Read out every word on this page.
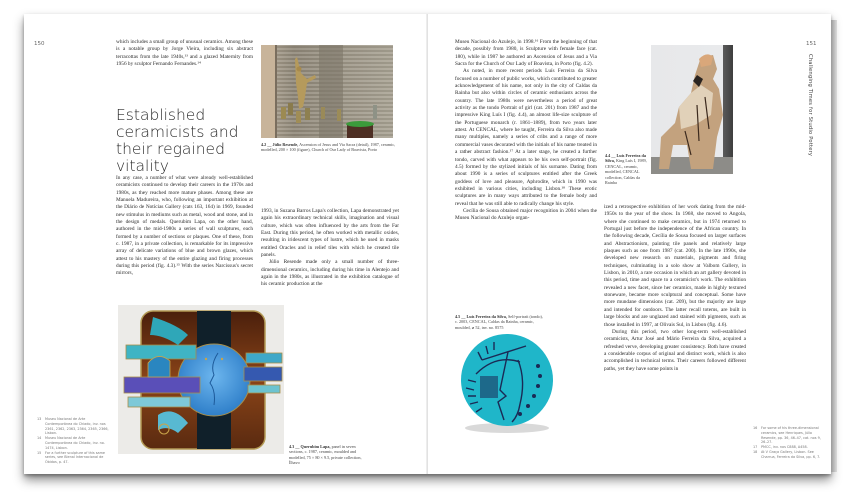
150	which includes a small group of unusual ceramics. Among these is a notable group by Jorge Vieira, including six abstract terracottas from the late 1940s,¹³ and a glazed Maternity from 1956 by sculptor Fernando Fernandes.¹⁴

Established ceramicists and their regained vitality

In any case, a number of what were already well-established ceramicists continued to develop their careers in the 1970s and 1980s, as they reached more mature phases. Among these are Manuela Madureira, who, following an important exhibition at the Diário de Notícias Gallery (cats 163, 164) in 1969, founded new stimulus in mediums such as metal, wood and stone, and in the design of medals. Querubim Lapa, on the other hand, authored in the mid-1980s a series of wall sculptures, each formed by a number of sections or plaques. One of these, from c. 1987, in a private collection, is remarkable for its impressive array of delicate variations of blue and brown glazes, which attest to his mastery of the entire glazing and firing processes during this period (fig. 4.3).¹⁵ With the series Narcissus's secret mirrors,

4.2 __ Júlio Resende, Ascension of Jesus and Via Sacra (detail), 1987, ceramic, modelled, 200 × 100 (figure), Church of Our Lady of Boavista, Porto

1993, in Suzana Barros Lapa's collection, Lapa demonstrated yet again his extraordinary technical skills, imagination and visual culture, which was often influenced by the arts from the Far East. During this period, he often worked with metallic oxides, resulting in iridescent types of lustre, which he used in masks entitled Oracles and in relief tiles with which he created tile panels.

Júlio Resende made only a small number of three-dimensional ceramics, including during his time in Alentejo and again in the 1980s, as illustrated in the exhibition catalogue of his ceramic production at the

4.3 __ Querubim Lapa, panel in seven sections, c. 1987, ceramic, moulded and modelled, 75 × 80 × 9.5, private collection, Ílhavo
13	Museu Nacional de Arte Contemporânea do Chiado, inv. nos 2361, 2362, 2363, 2364, 2365, 2366, Lisbon.
14	Museu Nacional de Arte Contemporânea do Chiado, inv. no. 1474, Lisbon.
15	For a further sculpture of this same series, see Bienal Internacional de Óbidos, p. 47.
151
Challenging Times for Studio Pottery

Museu Nacional do Azulejo, in 1998.¹⁶ From the beginning of that decade, possibly from 1980, is Sculpture with female face (cat. 180), while in 1987 he authored an Ascension of Jesus and a Via Sacra for the Church of Our Lady of Boavista, in Porto (fig. 4.2).

As noted, in more recent periods Luís Ferreira da Silva focused on a number of public works, which contributed to greater acknowledgement of his name, not only in the city of Caldas da Rainha but also within circles of ceramic enthusiasts across the country. The late 1980s were nevertheless a period of great activity as the tondo Portrait of girl (cat. 201) from 1987 and the impressive King Luís I (fig. 4.4), an almost life-size sculpture of the Portuguese monarch (r. 1861–1889), from two years later attest. At CENCAL, where he taught, Ferreira da Silva also made many multiples, namely a series of cribs and a range of more commercial vases decorated with the initials of his name treated in a rather abstract fashion.¹⁷ At a later stage, he created a further tondo, carved with what appears to be his own self-portrait (fig. 4.5) formed by the stylized initials of his surname. Dating from about 1990 is a series of sculptures entitled after the Greek goddess of love and pleasure, Aphrodite, which in 1990 was exhibited in various cities, including Lisbon.¹⁸ These erotic sculptures are in many ways attributed to the female body and reveal that he was still able to radically change his style.

Cecília de Sousa obtained major recognition in 2004 when the Museu Nacional do Azulejo organ-

4.5 __ Luís Ferreira da Silva, Self-portrait (tondo), c. 2003, CENCAL, Caldas da Rainha, ceramic, moulded, ⌀ 52, inv. no. 8575
4.4 __ Luís Ferreira da Silva, King Luís I, 1989, CENCAL, ceramic, modelled, CENCAL collection, Caldas da Rainha

ized a retrospective exhibition of her work dating from the mid-1950s to the year of the show. In 1968, she moved to Angola, where she continued to make ceramics, but in 1974 returned to Portugal just before the independence of the African country. In the following decade, Cecília de Sousa focused on larger surfaces and Abstractionism, painting tile panels and relatively large plaques such as one from 1987 (cat. 200). In the late 1990s, she developed new research on materials, pigments and firing techniques, culminating in a solo show at Valbom Gallery, in Lisbon, in 2010, a rare occasion in which an art gallery devoted in this period, time and space to a ceramicist's work. The exhibition revealed a new facet, since her ceramics, made in highly textured stoneware, became more sculptural and conceptual. Some have more mundane dimensions (cat. 209), but the majority are large and intended for outdoors. The latter recall totems, are built in large blocks and are unglazed and stained with pigments, such as those installed in 1997, at Olivais Sul, in Lisbon (fig. 4.6).

During this period, two other long-term well-established ceramicists, Artur José and Mário Ferreira da Silva, acquired a refreshed verve, developing greater consistency. Both have created a considerable corpus of original and distinct work, which is also accomplished in technical terms. Their careers followed different paths, yet they have some points in

16	For some of his three-dimensional ceramics, see Henriques, Júlio Resende, pp. 36, 46–47, cat. nos 9, 26–27.
17	PMCC, inv. nos C888, A458.
18	At V Graça Gallery, Lisbon. See Charrua, Ferreira da Silva, pp. 6, 7.
